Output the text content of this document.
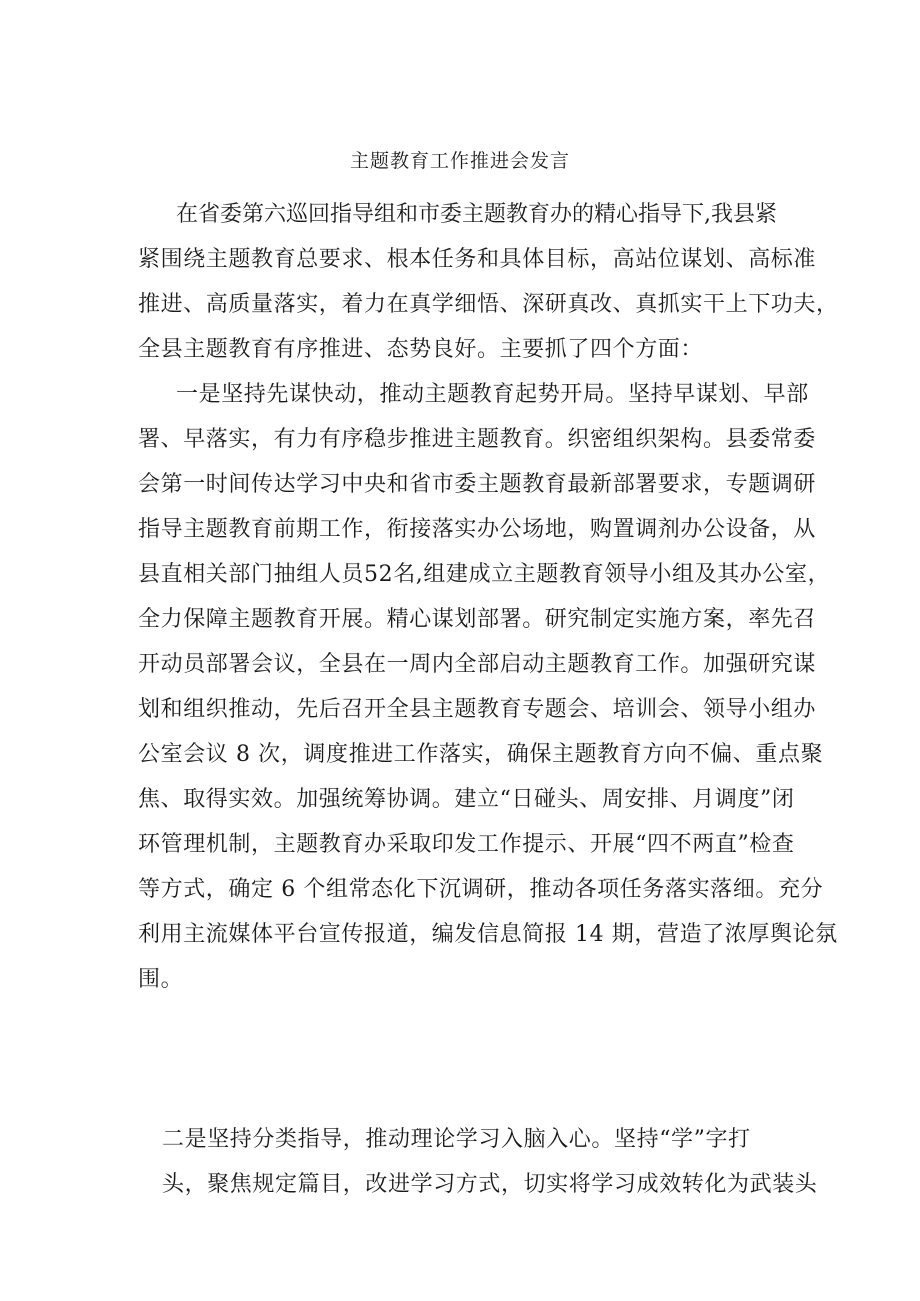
主题教育工作推进会发言

在省委第六巡回指导组和市委主题教育办的精心指导下,我县紧

紧围绕主题教育总要求、根本任务和具体目标，高站位谋划、高标准

推进、高质量落实，着力在真学细悟、深研真改、真抓实干上下功夫，

全县主题教育有序推进、态势良好。主要抓了四个方面：

一是坚持先谋快动，推动主题教育起势开局。坚持早谋划、早部

署、早落实，有力有序稳步推进主题教育。织密组织架构。县委常委

会第一时间传达学习中央和省市委主题教育最新部署要求，专题调研

指导主题教育前期工作，衔接落实办公场地，购置调剂办公设备，从

县直相关部门抽组人员52名,组建成立主题教育领导小组及其办公室，

全力保障主题教育开展。精心谋划部署。研究制定实施方案，率先召

开动员部署会议，全县在一周内全部启动主题教育工作。加强研究谋

划和组织推动，先后召开全县主题教育专题会、培训会、领导小组办

公室会议 8 次，调度推进工作落实，确保主题教育方向不偏、重点聚

焦、取得实效。加强统筹协调。建立“日碰头、周安排、月调度”闭

环管理机制，主题教育办采取印发工作提示、开展“四不两直”检查

等方式，确定 6 个组常态化下沉调研，推动各项任务落实落细。充分

利用主流媒体平台宣传报道，编发信息简报 14 期，营造了浓厚舆论氛

围。

二是坚持分类指导，推动理论学习入脑入心。坚持“学”字打

头，聚焦规定篇目，改进学习方式，切实将学习成效转化为武装头
